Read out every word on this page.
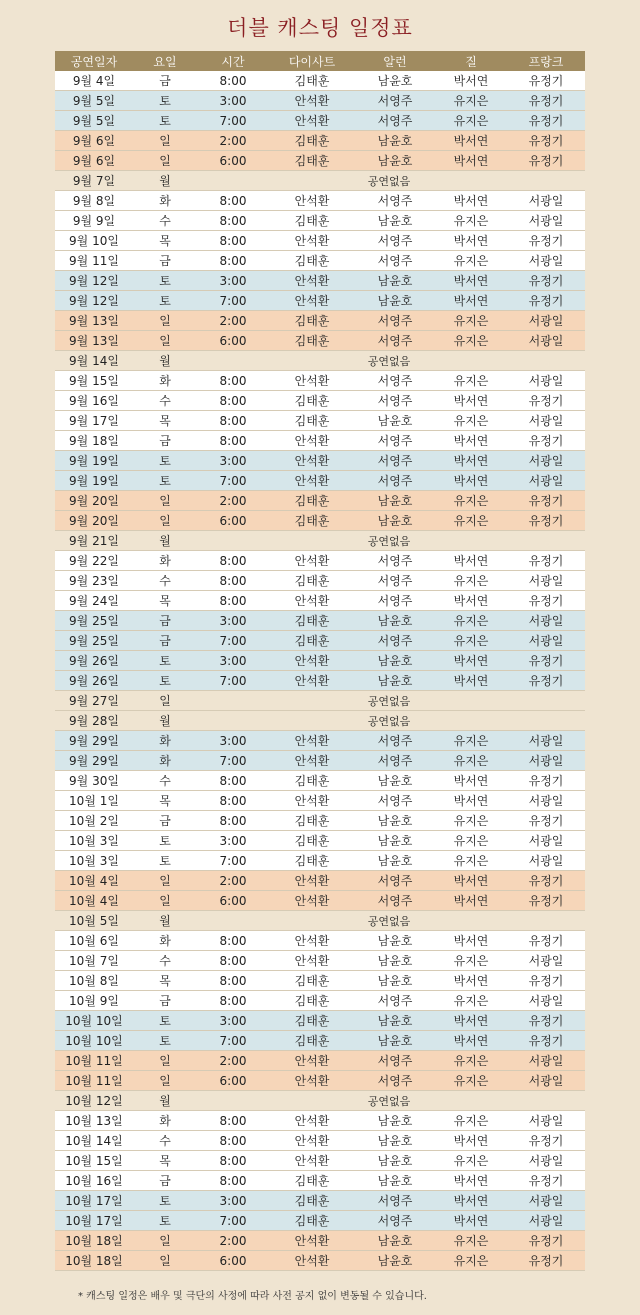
더블 캐스팅 일정표
공연일자	요일	시간	다이사트	알런	질	프랑크
9월 4일	금	8:00	김태훈	남윤호	박서연	유정기
9월 5일	토	3:00	안석환	서영주	유지은	유정기
9월 5일	토	7:00	안석환	서영주	유지은	유정기
9월 6일	일	2:00	김태훈	남윤호	박서연	유정기
9월 6일	일	6:00	김태훈	남윤호	박서연	유정기
9월 7일	월	공연없음
9월 8일	화	8:00	안석환	서영주	박서연	서광일
9월 9일	수	8:00	김태훈	남윤호	유지은	서광일
9월 10일	목	8:00	안석환	서영주	박서연	유정기
9월 11일	금	8:00	김태훈	서영주	유지은	서광일
9월 12일	토	3:00	안석환	남윤호	박서연	유정기
9월 12일	토	7:00	안석환	남윤호	박서연	유정기
9월 13일	일	2:00	김태훈	서영주	유지은	서광일
9월 13일	일	6:00	김태훈	서영주	유지은	서광일
9월 14일	월	공연없음
9월 15일	화	8:00	안석환	서영주	유지은	서광일
9월 16일	수	8:00	김태훈	서영주	박서연	유정기
9월 17일	목	8:00	김태훈	남윤호	유지은	서광일
9월 18일	금	8:00	안석환	서영주	박서연	유정기
9월 19일	토	3:00	안석환	서영주	박서연	서광일
9월 19일	토	7:00	안석환	서영주	박서연	서광일
9월 20일	일	2:00	김태훈	남윤호	유지은	유정기
9월 20일	일	6:00	김태훈	남윤호	유지은	유정기
9월 21일	월	공연없음
9월 22일	화	8:00	안석환	서영주	박서연	유정기
9월 23일	수	8:00	김태훈	서영주	유지은	서광일
9월 24일	목	8:00	안석환	서영주	박서연	유정기
9월 25일	금	3:00	김태훈	남윤호	유지은	서광일
9월 25일	금	7:00	김태훈	서영주	유지은	서광일
9월 26일	토	3:00	안석환	남윤호	박서연	유정기
9월 26일	토	7:00	안석환	남윤호	박서연	유정기
9월 27일	일	공연없음
9월 28일	월	공연없음
9월 29일	화	3:00	안석환	서영주	유지은	서광일
9월 29일	화	7:00	안석환	서영주	유지은	서광일
9월 30일	수	8:00	김태훈	남윤호	박서연	유정기
10월 1일	목	8:00	안석환	서영주	박서연	서광일
10월 2일	금	8:00	김태훈	남윤호	유지은	유정기
10월 3일	토	3:00	김태훈	남윤호	유지은	서광일
10월 3일	토	7:00	김태훈	남윤호	유지은	서광일
10월 4일	일	2:00	안석환	서영주	박서연	유정기
10월 4일	일	6:00	안석환	서영주	박서연	유정기
10월 5일	월	공연없음
10월 6일	화	8:00	안석환	남윤호	박서연	유정기
10월 7일	수	8:00	안석환	남윤호	유지은	서광일
10월 8일	목	8:00	김태훈	남윤호	박서연	유정기
10월 9일	금	8:00	김태훈	서영주	유지은	서광일
10월 10일	토	3:00	김태훈	남윤호	박서연	유정기
10월 10일	토	7:00	김태훈	남윤호	박서연	유정기
10월 11일	일	2:00	안석환	서영주	유지은	서광일
10월 11일	일	6:00	안석환	서영주	유지은	서광일
10월 12일	월	공연없음
10월 13일	화	8:00	안석환	남윤호	유지은	서광일
10월 14일	수	8:00	안석환	남윤호	박서연	유정기
10월 15일	목	8:00	안석환	남윤호	유지은	서광일
10월 16일	금	8:00	김태훈	남윤호	박서연	유정기
10월 17일	토	3:00	김태훈	서영주	박서연	서광일
10월 17일	토	7:00	김태훈	서영주	박서연	서광일
10월 18일	일	2:00	안석환	남윤호	유지은	유정기
10월 18일	일	6:00	안석환	남윤호	유지은	유정기
* 캐스팅 일정은 배우 및 극단의 사정에 따라 사전 공지 없이 변동될 수 있습니다.
